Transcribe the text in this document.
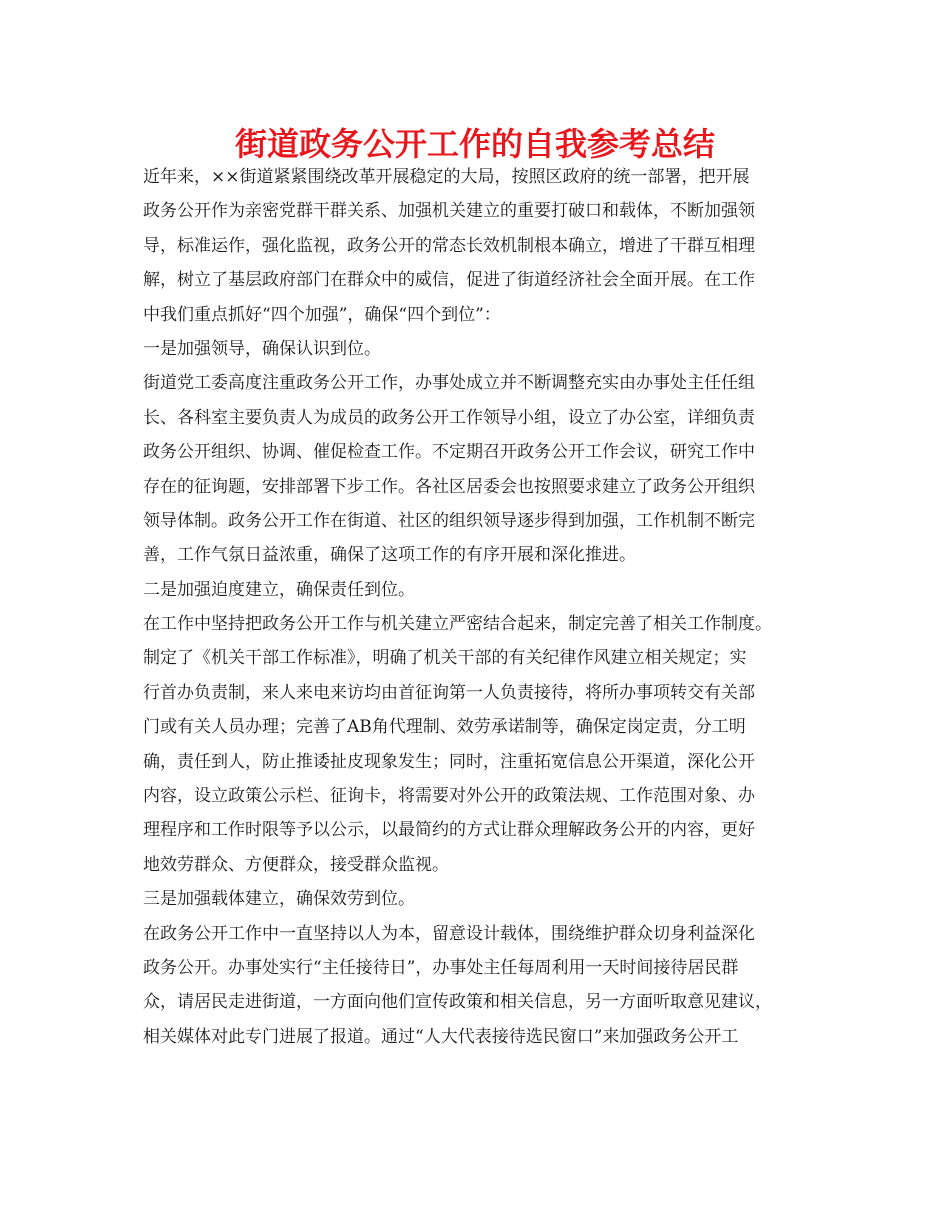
街道政务公开工作的自我参考总结
近年来，××街道紧紧围绕改革开展稳定的大局，按照区政府的统一部署，把开展
政务公开作为亲密党群干群关系、加强机关建立的重要打破口和载体，不断加强领
导，标准运作，强化监视，政务公开的常态长效机制根本确立，增进了干群互相理
解，树立了基层政府部门在群众中的威信，促进了街道经济社会全面开展。在工作
中我们重点抓好“四个加强”，确保“四个到位”：
一是加强领导，确保认识到位。
街道党工委高度注重政务公开工作，办事处成立并不断调整充实由办事处主任任组
长、各科室主要负责人为成员的政务公开工作领导小组，设立了办公室，详细负责
政务公开组织、协调、催促检查工作。不定期召开政务公开工作会议，研究工作中
存在的征询题，安排部署下步工作。各社区居委会也按照要求建立了政务公开组织
领导体制。政务公开工作在街道、社区的组织领导逐步得到加强，工作机制不断完
善，工作气氛日益浓重，确保了这项工作的有序开展和深化推进。
二是加强迫度建立，确保责任到位。
在工作中坚持把政务公开工作与机关建立严密结合起来，制定完善了相关工作制度。
制定了《机关干部工作标准》，明确了机关干部的有关纪律作风建立相关规定；实
行首办负责制，来人来电来访均由首征询第一人负责接待，将所办事项转交有关部
门或有关人员办理；完善了AB角代理制、效劳承诺制等，确保定岗定责，分工明
确，责任到人，防止推诿扯皮现象发生；同时，注重拓宽信息公开渠道，深化公开
内容，设立政策公示栏、征询卡，将需要对外公开的政策法规、工作范围对象、办
理程序和工作时限等予以公示，以最简约的方式让群众理解政务公开的内容，更好
地效劳群众、方便群众，接受群众监视。
三是加强载体建立，确保效劳到位。
在政务公开工作中一直坚持以人为本，留意设计载体，围绕维护群众切身利益深化
政务公开。办事处实行“主任接待日”，办事处主任每周利用一天时间接待居民群
众，请居民走进街道，一方面向他们宣传政策和相关信息，另一方面听取意见建议，
相关媒体对此专门进展了报道。通过“人大代表接待选民窗口”来加强政务公开工
